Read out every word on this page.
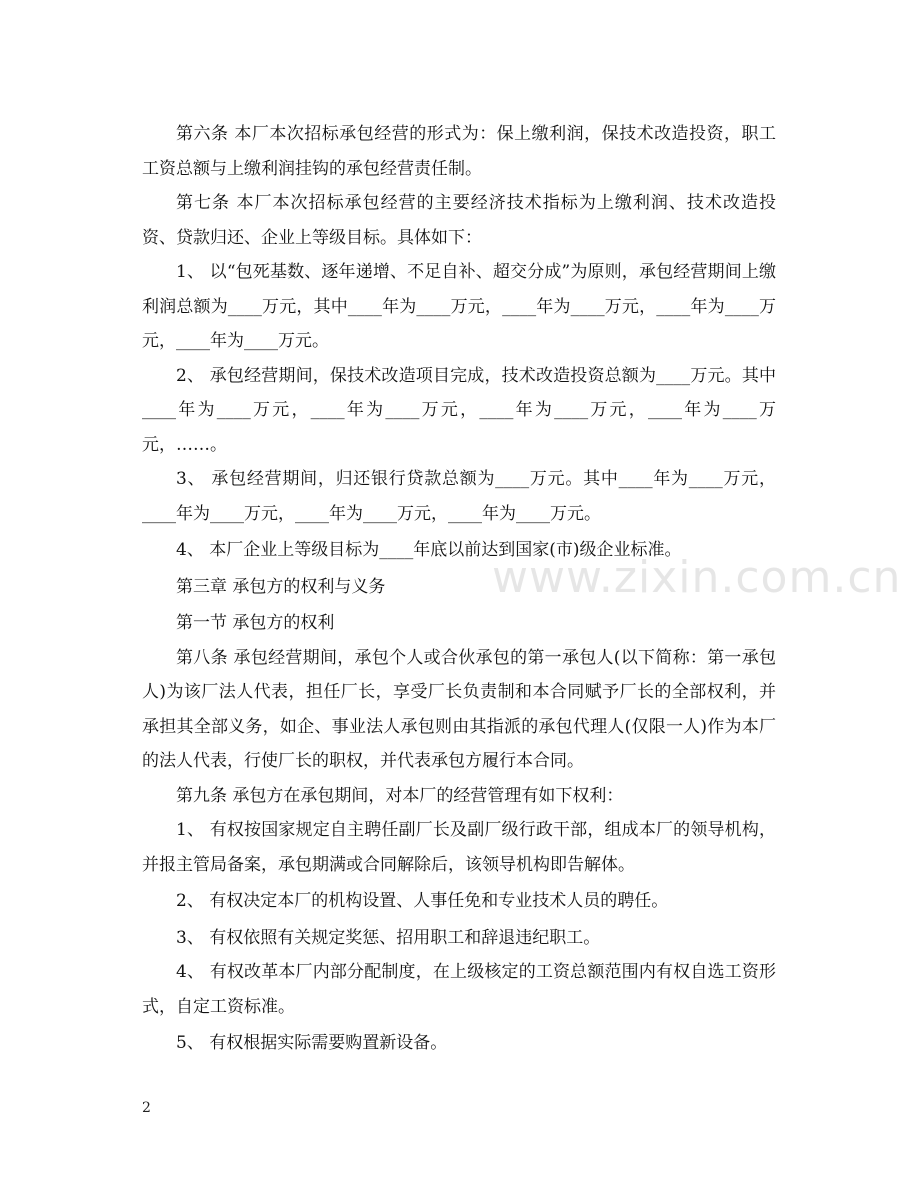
第六条 本厂本次招标承包经营的形式为：保上缴利润，保技术改造投资，职工工资总额与上缴利润挂钩的承包经营责任制。

第七条 本厂本次招标承包经营的主要经济技术指标为上缴利润、技术改造投资、贷款归还、企业上等级目标。具体如下：

1、 以“包死基数、逐年递增、不足自补、超交分成”为原则，承包经营期间上缴利润总额为____万元，其中____年为____万元，____年为____万元，____年为____万元，____年为____万元。

2、 承包经营期间，保技术改造项目完成，技术改造投资总额为____万元。其中____年为____万元，____年为____万元，____年为____万元，____年为____万元，……。

3、 承包经营期间，归还银行贷款总额为____万元。其中____年为____万元，____年为____万元，____年为____万元，____年为____万元。

4、 本厂企业上等级目标为____年底以前达到国家(市)级企业标准。

第三章 承包方的权利与义务

第一节 承包方的权利

第八条 承包经营期间，承包个人或合伙承包的第一承包人(以下简称：第一承包人)为该厂法人代表，担任厂长，享受厂长负责制和本合同赋予厂长的全部权利，并承担其全部义务，如企、事业法人承包则由其指派的承包代理人(仅限一人)作为本厂的法人代表，行使厂长的职权，并代表承包方履行本合同。

第九条 承包方在承包期间，对本厂的经营管理有如下权利：

1、 有权按国家规定自主聘任副厂长及副厂级行政干部，组成本厂的领导机构，并报主管局备案，承包期满或合同解除后，该领导机构即告解体。

2、 有权决定本厂的机构设置、人事任免和专业技术人员的聘任。

3、 有权依照有关规定奖惩、招用职工和辞退违纪职工。

4、 有权改革本厂内部分配制度，在上级核定的工资总额范围内有权自选工资形式，自定工资标准。

5、 有权根据实际需要购置新设备。

www.zixin.com.cn
2
